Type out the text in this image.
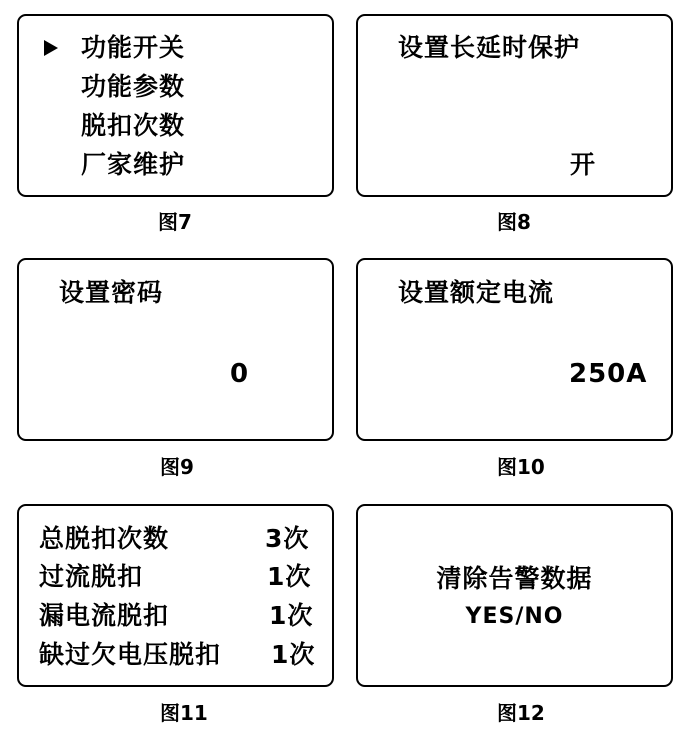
功能开关
功能参数
脱扣次数
厂家维护
图7
设置长延时保护
开
图8
设置密码
0
图9
设置额定电流
250A
图10
总脱扣次数	3次
过流脱扣	1次
漏电流脱扣	1次
缺过欠电压脱扣 1次
图11
清除告警数据
YES/NO
图12
